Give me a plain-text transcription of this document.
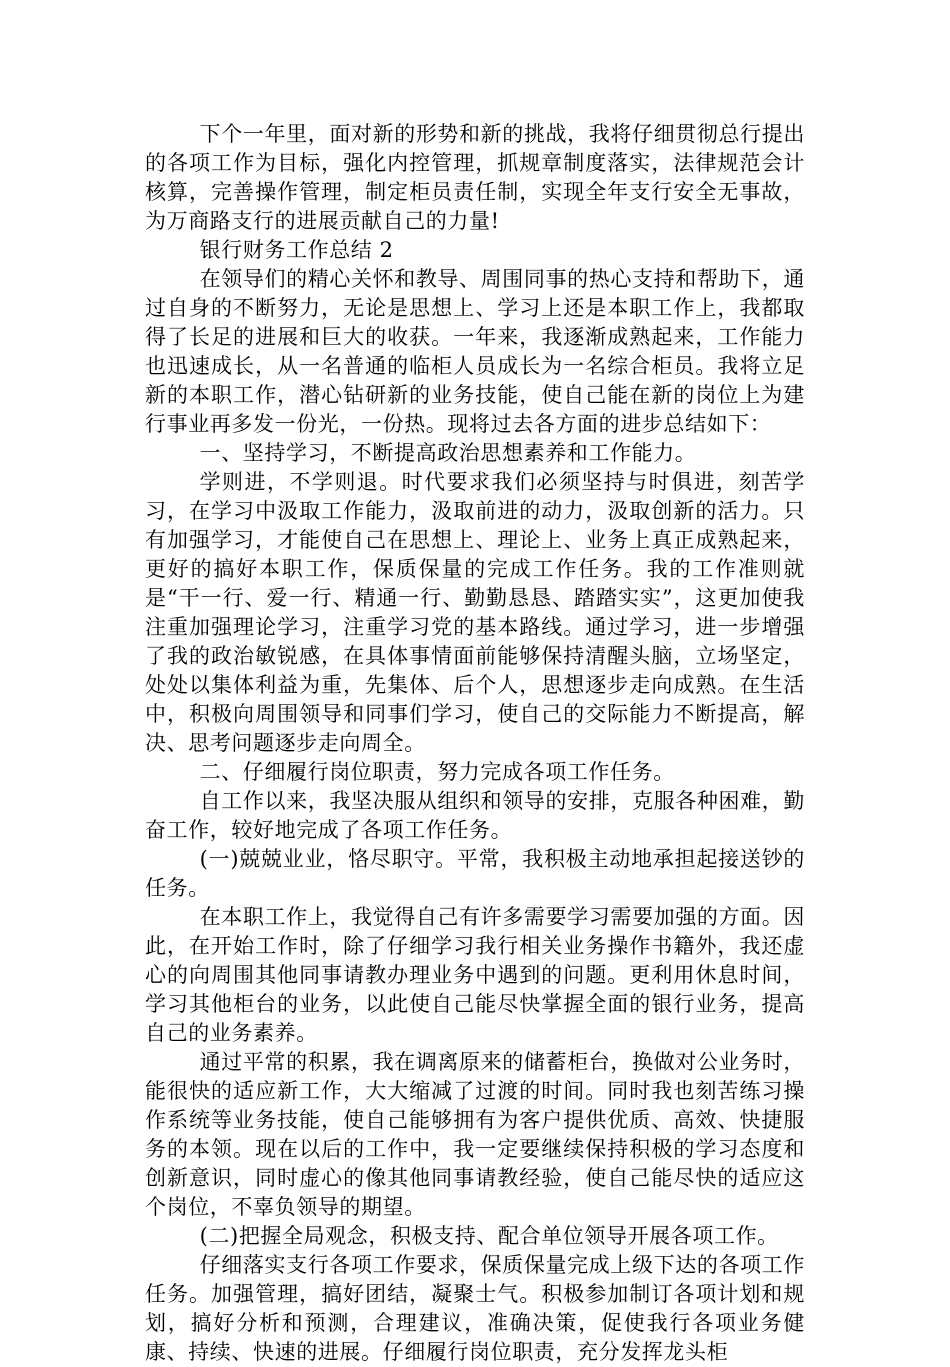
下个一年里，面对新的形势和新的挑战，我将仔细贯彻总行提出的各项工作为目标，强化内控管理，抓规章制度落实，法律规范会计核算，完善操作管理，制定柜员责任制，实现全年支行安全无事故，为万商路支行的进展贡献自己的力量!

银行财务工作总结 2

在领导们的精心关怀和教导、周围同事的热心支持和帮助下，通过自身的不断努力，无论是思想上、学习上还是本职工作上，我都取得了长足的进展和巨大的收获。一年来，我逐渐成熟起来，工作能力也迅速成长，从一名普通的临柜人员成长为一名综合柜员。我将立足新的本职工作，潜心钻研新的业务技能，使自己能在新的岗位上为建行事业再多发一份光，一份热。现将过去各方面的进步总结如下：

一、坚持学习，不断提高政治思想素养和工作能力。

学则进，不学则退。时代要求我们必须坚持与时俱进，刻苦学习，在学习中汲取工作能力，汲取前进的动力，汲取创新的活力。只有加强学习，才能使自己在思想上、理论上、业务上真正成熟起来，更好的搞好本职工作，保质保量的完成工作任务。我的工作准则就是“干一行、爱一行、精通一行、勤勤恳恳、踏踏实实”，这更加使我注重加强理论学习，注重学习党的基本路线。通过学习，进一步增强了我的政治敏锐感，在具体事情面前能够保持清醒头脑，立场坚定，处处以集体利益为重，先集体、后个人，思想逐步走向成熟。在生活中，积极向周围领导和同事们学习，使自己的交际能力不断提高，解决、思考问题逐步走向周全。

二、仔细履行岗位职责，努力完成各项工作任务。

自工作以来，我坚决服从组织和领导的安排，克服各种困难，勤奋工作，较好地完成了各项工作任务。

(一)兢兢业业，恪尽职守。平常，我积极主动地承担起接送钞的任务。

在本职工作上，我觉得自己有许多需要学习需要加强的方面。因此，在开始工作时，除了仔细学习我行相关业务操作书籍外，我还虚心的向周围其他同事请教办理业务中遇到的问题。更利用休息时间，学习其他柜台的业务，以此使自己能尽快掌握全面的银行业务，提高自己的业务素养。

通过平常的积累，我在调离原来的储蓄柜台，换做对公业务时，能很快的适应新工作，大大缩减了过渡的时间。同时我也刻苦练习操作系统等业务技能，使自己能够拥有为客户提供优质、高效、快捷服务的本领。现在以后的工作中，我一定要继续保持积极的学习态度和创新意识，同时虚心的像其他同事请教经验，使自己能尽快的适应这个岗位，不辜负领导的期望。

(二)把握全局观念，积极支持、配合单位领导开展各项工作。

仔细落实支行各项工作要求，保质保量完成上级下达的各项工作任务。加强管理，搞好团结，凝聚士气。积极参加制订各项计划和规划，搞好分析和预测，合理建议，准确决策，促使我行各项业务健康、持续、快速的进展。仔细履行岗位职责，充分发挥龙头柜
